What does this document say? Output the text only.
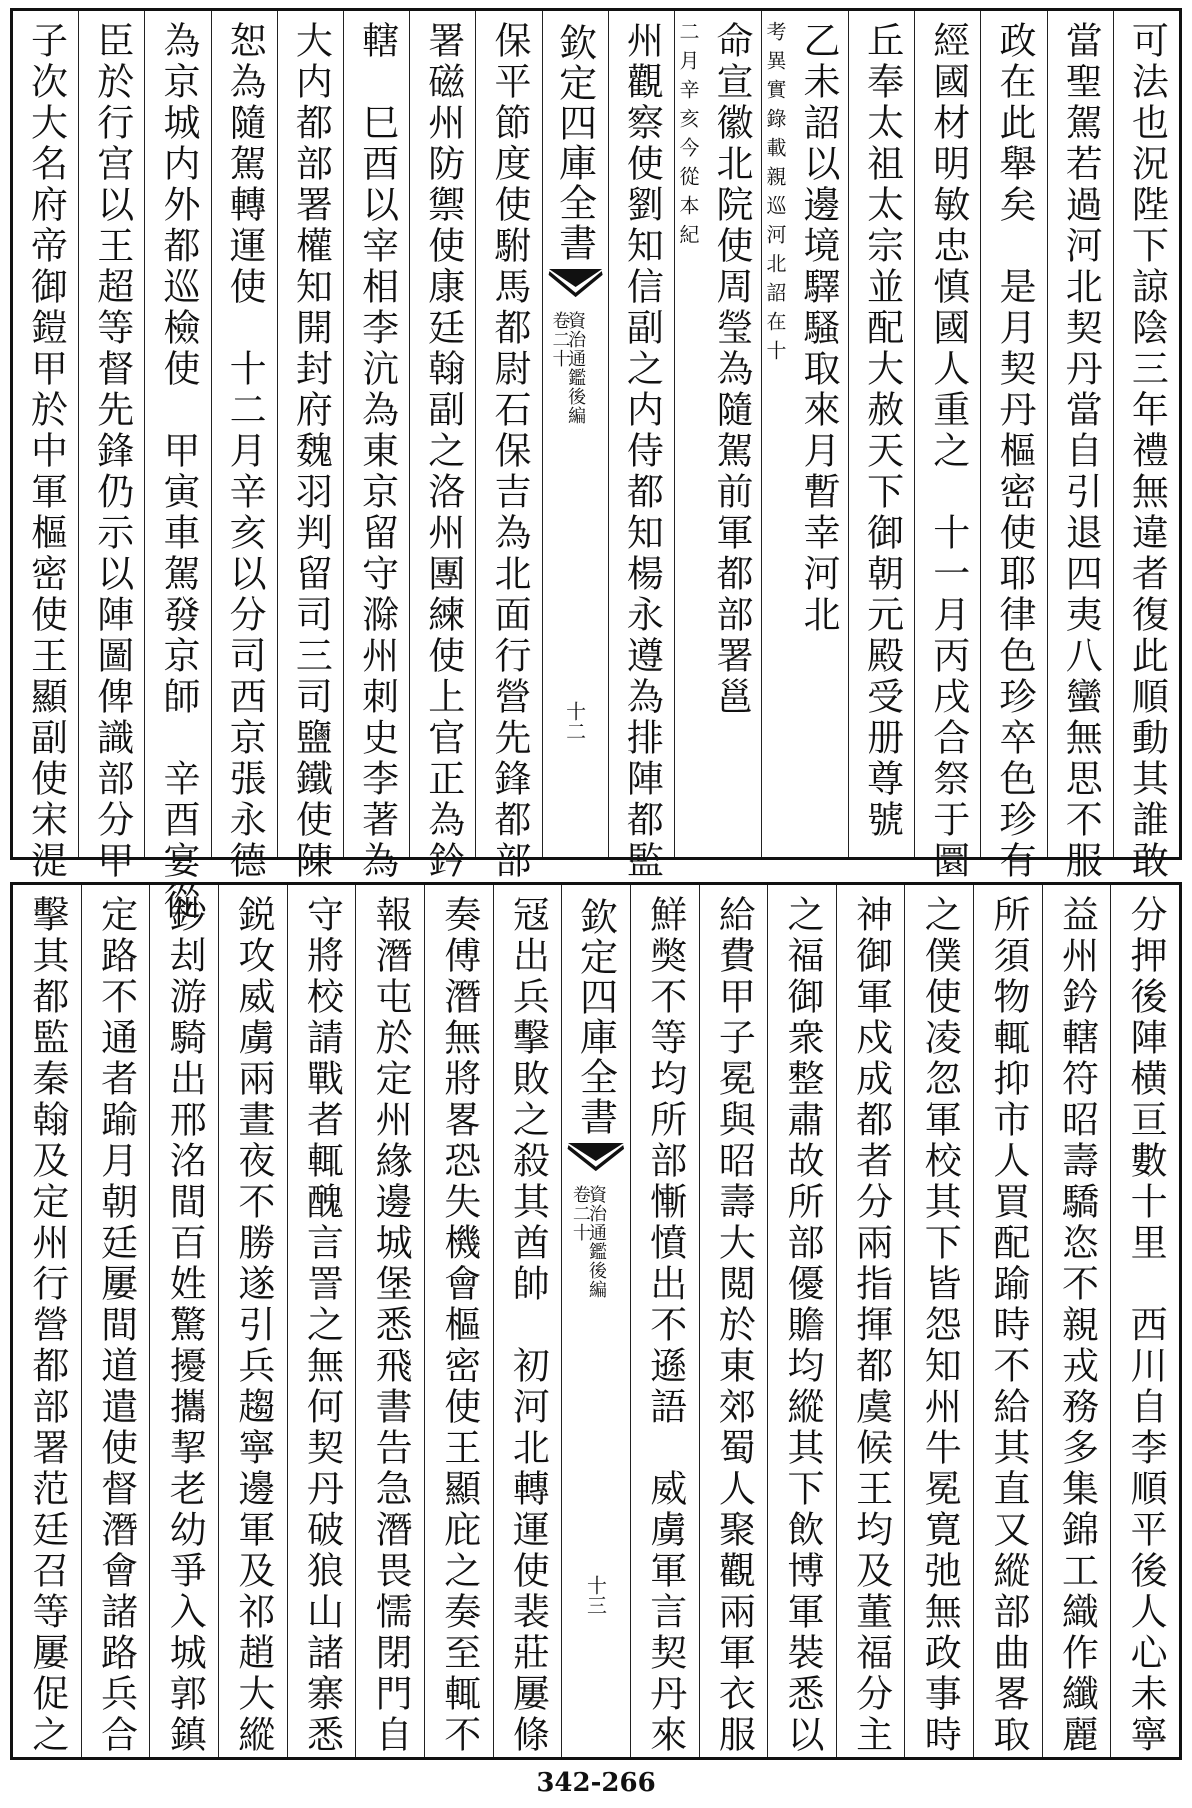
可法也況陛下諒陰三年禮無違者復此順動其誰敢
當聖駕若過河北契丹當自引退四夷八蠻無思不服
政在此舉矣　是月契丹樞密使耶律色珍卒色珍有
經國材明敏忠慎國人重之　十一月丙戌合祭于圜
丘奉太祖太宗並配大赦天下御朝元殿受册尊號
乙未詔以邊境驛騷取來月暫幸河北
考異實錄載親巡河北詔在十
命宣徽北院使周瑩為隨駕前軍都部署邕
二月辛亥今從本紀
州觀察使劉知信副之内侍都知楊永遵為排陣都監
欽定四庫全書
資治通鑑後編
卷二十
十二
保平節度使駙馬都尉石保吉為北面行營先鋒都部
署磁州防禦使康廷翰副之洛州團練使上官正為鈐
轄　巳酉以宰相李沆為東京留守滁州刺史李著為
大内都部署權知開封府魏羽判留司三司鹽鐵使陳
恕為隨駕轉運使　十二月辛亥以分司西京張永德
為京城内外都巡檢使　甲寅車駕發京師　辛酉宴從
臣於行宫以王超等督先鋒仍示以陣圖俾識部分甲
子次大名府帝御鎧甲於中軍樞密使王顯副使宋湜
分押後陣横亘數十里　西川自李順平後人心未寧
益州鈐轄符昭壽驕恣不親戎務多集錦工織作纖麗
所須物輒抑市人買配踰時不給其直又縱部曲畧取
之僕使凌忽軍校其下皆怨知州牛冕寛弛無政事時
神御軍戍成都者分兩指揮都虞候王均及董福分主
之福御衆整肅故所部優贍均縱其下飲博軍裝悉以
給費甲子冕與昭壽大閲於東郊蜀人聚觀兩軍衣服
鮮獘不等均所部慚憤出不遜語　威虜軍言契丹來
欽定四庫全書
資治通鑑後編
卷二十
十三
冦出兵擊敗之殺其酋帥　初河北轉運使裴莊屢條
奏傅潛無將畧恐失機會樞密使王顯庇之奏至輒不
報潛屯於定州緣邊城堡悉飛書告急潛畏懦閉門自
守將校請戰者輒醜言詈之無何契丹破狼山諸寨悉
鋭攻威虜兩晝夜不勝遂引兵趨寧邊軍及祁趙大縱
鈔刦游騎出邢洺間百姓驚擾攜挈老幼爭入城郭鎮
定路不通者踰月朝廷屢間道遣使督潛會諸路兵合
擊其都監秦翰及定州行營都部署范廷召等屢促之
342-266
